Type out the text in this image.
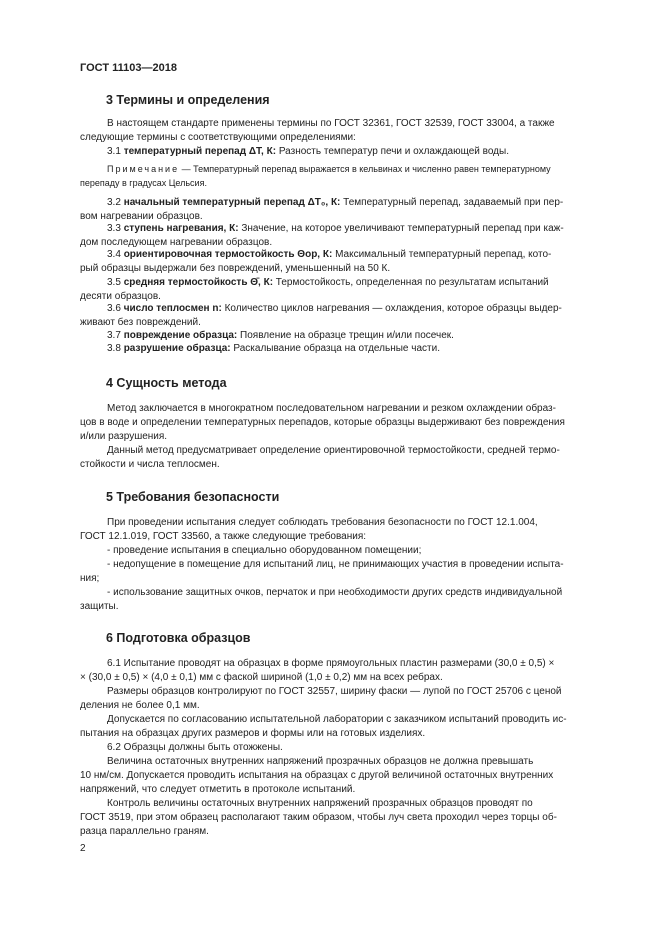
ГОСТ 11103—2018
3 Термины и определения
В настоящем стандарте применены термины по ГОСТ 32361, ГОСТ 32539, ГОСТ 33004, а также
следующие термины с соответствующими определениями:
3.1 температурный перепад ΔT, К: Разность температур печи и охлаждающей воды.
Примечание — Температурный перепад выражается в кельвинах и численно равен температурному
перепаду в градусах Цельсия.
3.2 начальный температурный перепад ΔT₀, К: Температурный перепад, задаваемый при пер-
вом нагревании образцов.
3.3 ступень нагревания, К: Значение, на которое увеличивают температурный перепад при каж-
дом последующем нагревании образцов.
3.4 ориентировочная термостойкость Θор, К: Максимальный температурный перепад, кото-
рый образцы выдержали без повреждений, уменьшенный на 50 К.
3.5 средняя термостойкость Θ̄, К: Термостойкость, определенная по результатам испытаний
десяти образцов.
3.6 число теплосмен n: Количество циклов нагревания — охлаждения, которое образцы выдер-
живают без повреждений.
3.7 повреждение образца: Появление на образце трещин и/или посечек.
3.8 разрушение образца: Раскалывание образца на отдельные части.
4 Сущность метода
Метод заключается в многократном последовательном нагревании и резком охлаждении образ-
цов в воде и определении температурных перепадов, которые образцы выдерживают без повреждения
и/или разрушения.
Данный метод предусматривает определение ориентировочной термостойкости, средней термо-
стойкости и числа теплосмен.
5 Требования безопасности
При проведении испытания следует соблюдать требования безопасности по ГОСТ 12.1.004,
ГОСТ 12.1.019, ГОСТ 33560, а также следующие требования:
- проведение испытания в специально оборудованном помещении;
- недопущение в помещение для испытаний лиц, не принимающих участия в проведении испыта-
ния;
- использование защитных очков, перчаток и при необходимости других средств индивидуальной
защиты.
6 Подготовка образцов
6.1 Испытание проводят на образцах в форме прямоугольных пластин размерами (30,0 ± 0,5) ×
× (30,0 ± 0,5) × (4,0 ± 0,1) мм с фаской шириной (1,0 ± 0,2) мм на всех ребрах.
Размеры образцов контролируют по ГОСТ 32557, ширину фаски — лупой по ГОСТ 25706 с ценой
деления не более 0,1 мм.
Допускается по согласованию испытательной лаборатории с заказчиком испытаний проводить ис-
пытания на образцах других размеров и формы или на готовых изделиях.
6.2 Образцы должны быть отожжены.
Величина остаточных внутренних напряжений прозрачных образцов не должна превышать
10 нм/см. Допускается проводить испытания на образцах с другой величиной остаточных внутренних
напряжений, что следует отметить в протоколе испытаний.
Контроль величины остаточных внутренних напряжений прозрачных образцов проводят по
ГОСТ 3519, при этом образец располагают таким образом, чтобы луч света проходил через торцы об-
разца параллельно граням.
2
